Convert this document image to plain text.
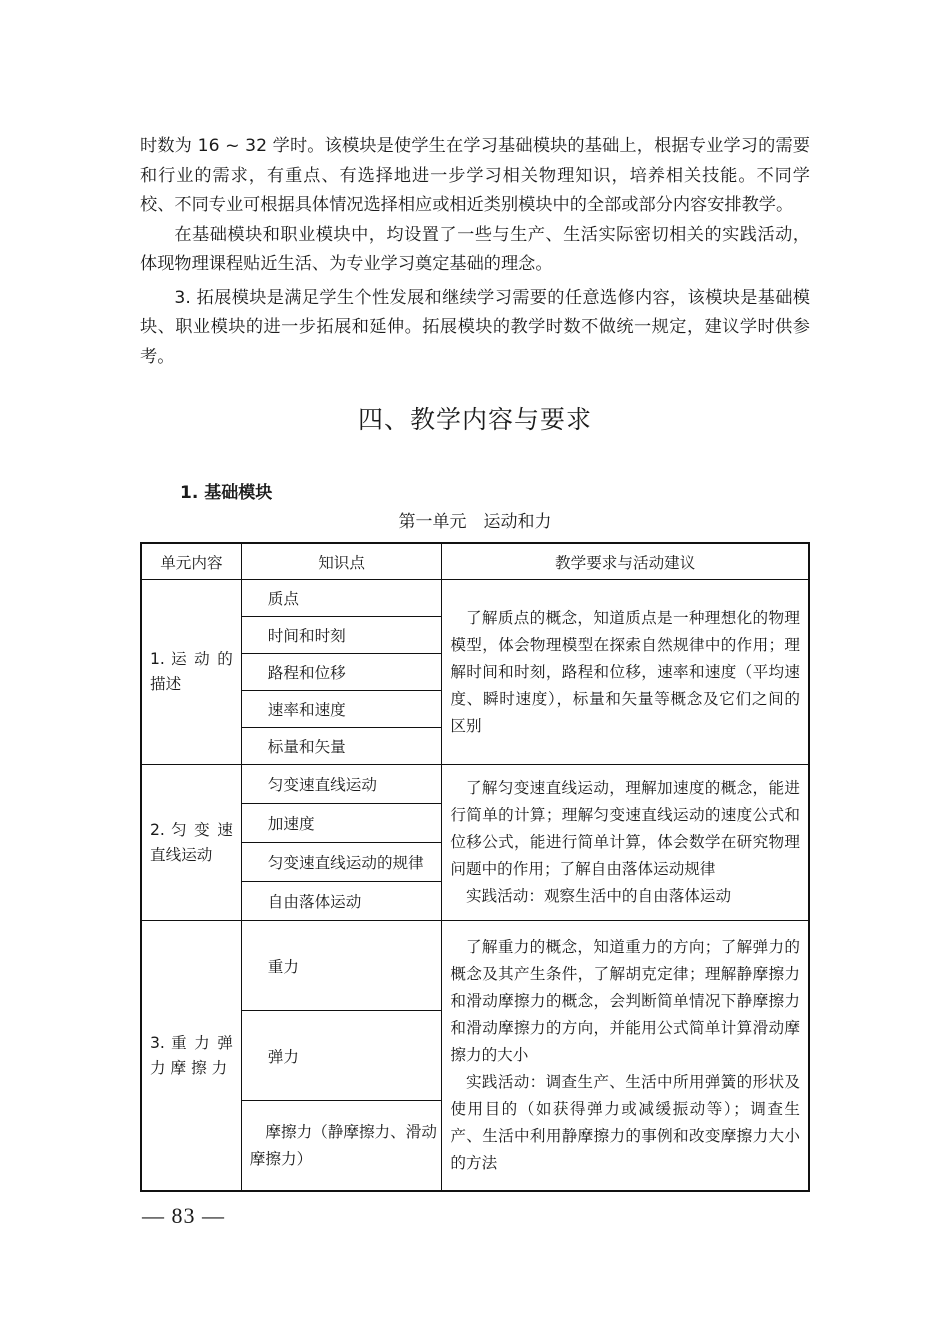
时数为 16 ~ 32 学时。该模块是使学生在学习基础模块的基础上，根据专业学习的需要和行业的需求，有重点、有选择地进一步学习相关物理知识，培养相关技能。不同学校、不同专业可根据具体情况选择相应或相近类别模块中的全部或部分内容安排教学。

在基础模块和职业模块中，均设置了一些与生产、生活实际密切相关的实践活动，体现物理课程贴近生活、为专业学习奠定基础的理念。

3. 拓展模块是满足学生个性发展和继续学习需要的任意选修内容，该模块是基础模块、职业模块的进一步拓展和延伸。拓展模块的教学时数不做统一规定，建议学时供参考。

四、教学内容与要求
1. 基础模块
第一单元　运动和力
单元内容	知识点	教学要求与活动建议
1. 运 动 的描述	质点	了解质点的概念，知道质点是一种理想化的物理模型，体会物理模型在探索自然规律中的作用；理解时间和时刻，路程和位移，速率和速度（平均速度、瞬时速度），标量和矢量等概念及它们之间的区别

	时间和时刻	
	路程和位移	
	速率和速度	
	标量和矢量	
2. 匀 变 速直线运动	匀变速直线运动	了解匀变速直线运动，理解加速度的概念，能进行简单的计算；理解匀变速直线运动的速度公式和位移公式，能进行简单计算，体会数学在研究物理问题中的作用；了解自由落体运动规律

实践活动：观察生活中的自由落体运动

	加速度	
	匀变速直线运动的规律	
	自由落体运动	
3. 重 力 弹 力 摩 擦 力	重力	了解重力的概念，知道重力的方向；了解弹力的概念及其产生条件，了解胡克定律；理解静摩擦力和滑动摩擦力的概念，会判断简单情况下静摩擦力和滑动摩擦力的方向，并能用公式简单计算滑动摩擦力的大小

实践活动：调查生产、生活中所用弹簧的形状及使用目的（如获得弹力或减缓振动等）；调查生产、生活中利用静摩擦力的事例和改变摩擦力大小的方法

	弹力	
	摩擦力（静摩擦力、滑动摩擦力）	
— 83 —
